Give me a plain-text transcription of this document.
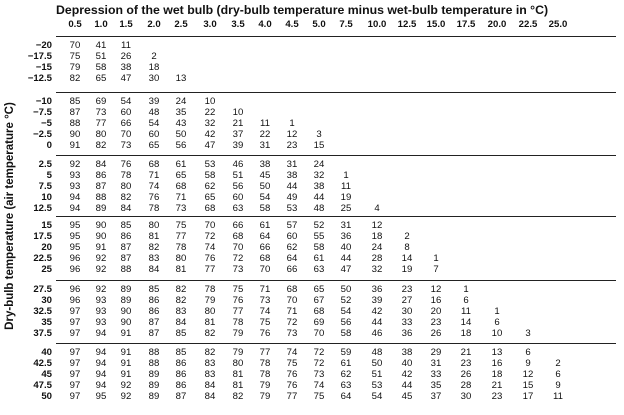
Depression of the wet bulb (dry-bulb temperature minus wet-bulb temperature in °C)
Dry-bulb temperature (air temperature °C)
0.5	1.0	1.5	2.0	2.5	3.0	3.5	4.0	4.5	5.0	7.5	10.0	12.5	15.0	17.5	20.0	22.5	25.0
−20	70	41	11
−17.5	75	51	26	2
−15	79	58	38	18
−12.5	82	65	47	30	13
−10	85	69	54	39	24	10
−7.5	87	73	60	48	35	22	10
−5	88	77	66	54	43	32	21	11	1
−2.5	90	80	70	60	50	42	37	22	12	3
0	91	82	73	65	56	47	39	31	23	15
2.5	92	84	76	68	61	53	46	38	31	24
5	93	86	78	71	65	58	51	45	38	32	1
7.5	93	87	80	74	68	62	56	50	44	38	11
10	94	88	82	76	71	65	60	54	49	44	19
12.5	94	89	84	78	73	68	63	58	53	48	25	4
15	95	90	85	80	75	70	66	61	57	52	31	12
17.5	95	90	86	81	77	72	68	64	60	55	36	18	2
20	95	91	87	82	78	74	70	66	62	58	40	24	8
22.5	96	92	87	83	80	76	72	68	64	61	44	28	14	1
25	96	92	88	84	81	77	73	70	66	63	47	32	19	7
27.5	96	92	89	85	82	78	75	71	68	65	50	36	23	12	1
30	96	93	89	86	82	79	76	73	70	67	52	39	27	16	6
32.5	97	93	90	86	83	80	77	74	71	68	54	42	30	20	11	1
35	97	93	90	87	84	81	78	75	72	69	56	44	33	23	14	6
37.5	97	94	91	87	85	82	79	76	73	70	58	46	36	26	18	10	3
40	97	94	91	88	85	82	79	77	74	72	59	48	38	29	21	13	6
42.5	97	94	91	88	86	83	80	78	75	72	61	50	40	31	23	16	9	2
45	97	94	91	89	86	83	81	78	76	73	62	51	42	33	26	18	12	6
47.5	97	94	92	89	86	84	81	79	76	74	63	53	44	35	28	21	15	9
50	97	95	92	89	87	84	82	79	77	75	64	54	45	37	30	23	17	11
